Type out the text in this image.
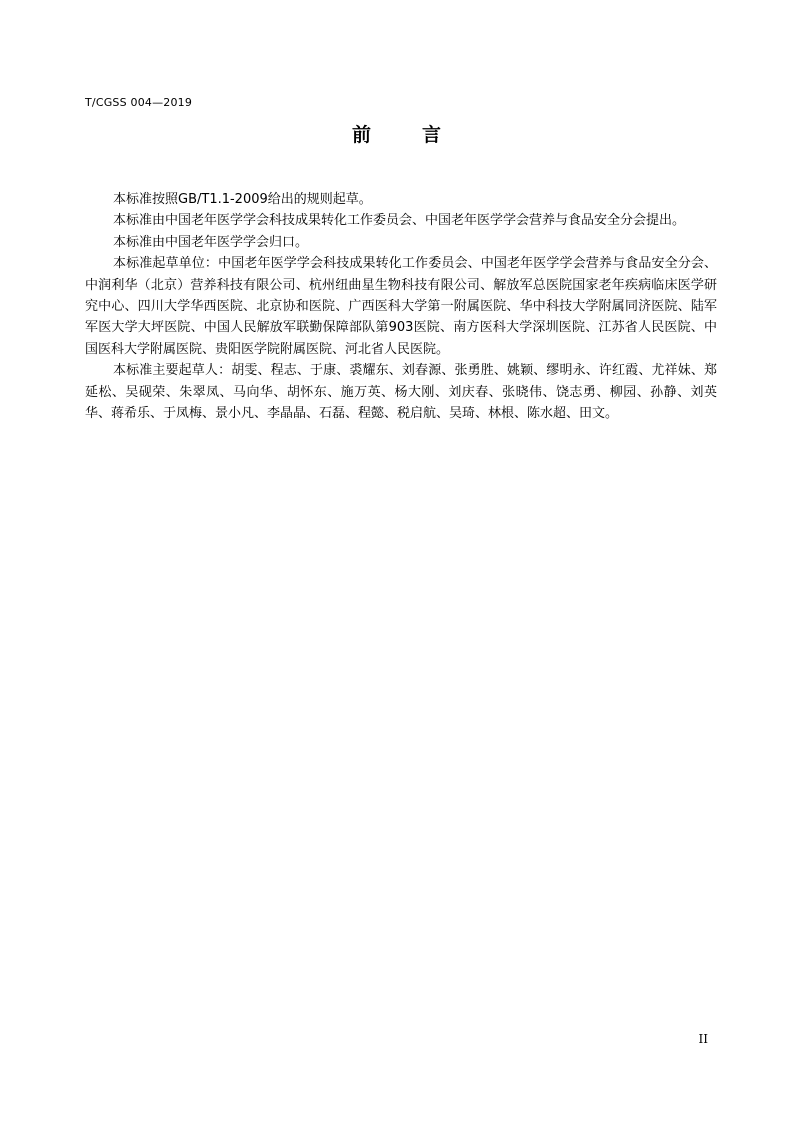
T/CGSS 004—2019
前　言

本标准按照GB/T1.1-2009给出的规则起草。

本标准由中国老年医学学会科技成果转化工作委员会、中国老年医学学会营养与食品安全分会提出。

本标准由中国老年医学学会归口。

本标准起草单位：中国老年医学学会科技成果转化工作委员会、中国老年医学学会营养与食品安全分会、中润利华（北京）营养科技有限公司、杭州纽曲星生物科技有限公司、解放军总医院国家老年疾病临床医学研究中心、四川大学华西医院、北京协和医院、广西医科大学第一附属医院、华中科技大学附属同济医院、陆军军医大学大坪医院、中国人民解放军联勤保障部队第903医院、南方医科大学深圳医院、江苏省人民医院、中国医科大学附属医院、贵阳医学院附属医院、河北省人民医院。

本标准主要起草人：胡雯、程志、于康、裘耀东、刘春源、张勇胜、姚颖、缪明永、许红霞、尤祥妹、郑延松、吴砚荣、朱翠凤、马向华、胡怀东、施万英、杨大刚、刘庆春、张晓伟、饶志勇、柳园、孙静、刘英华、蒋希乐、于凤梅、景小凡、李晶晶、石磊、程懿、税启航、吴琦、林根、陈水超、田文。

II
